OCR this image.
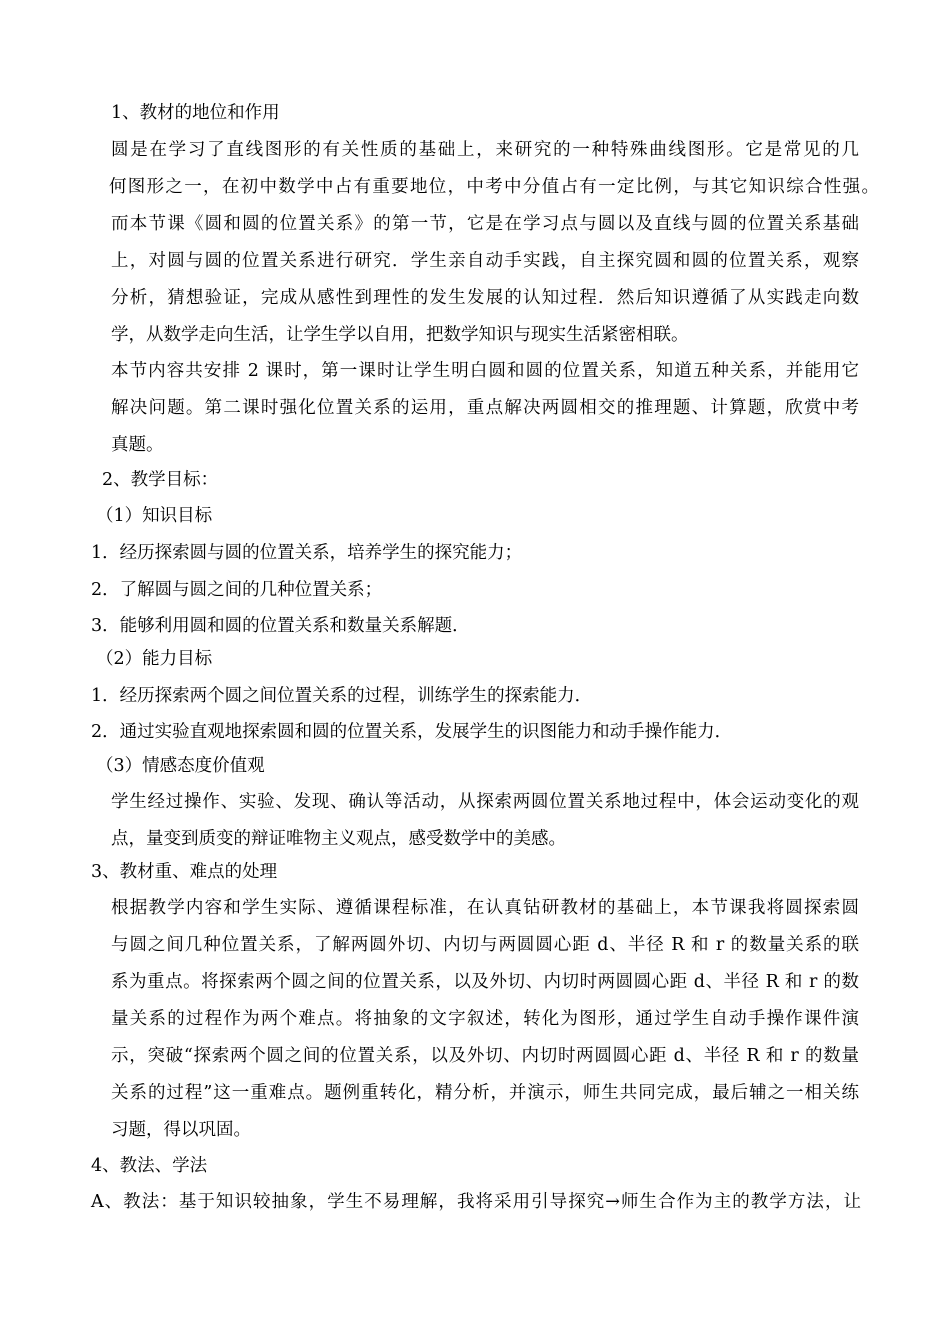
1、教材的地位和作用
圆是在学习了直线图形的有关性质的基础上，来研究的一种特殊曲线图形。它是常见的几
何图形之一，在初中数学中占有重要地位，中考中分值占有一定比例，与其它知识综合性强。
而本节课《圆和圆的位置关系》的第一节，它是在学习点与圆以及直线与圆的位置关系基础
上，对圆与圆的位置关系进行研究．学生亲自动手实践，自主探究圆和圆的位置关系，观察
分析，猜想验证，完成从感性到理性的发生发展的认知过程．然后知识遵循了从实践走向数
学，从数学走向生活，让学生学以自用，把数学知识与现实生活紧密相联。
本节内容共安排 2 课时，第一课时让学生明白圆和圆的位置关系，知道五种关系，并能用它
解决问题。第二课时强化位置关系的运用，重点解决两圆相交的推理题、计算题，欣赏中考
真题。
2、教学目标：
（1）知识目标
1．经历探索圆与圆的位置关系，培养学生的探究能力；
2．了解圆与圆之间的几种位置关系；
3．能够利用圆和圆的位置关系和数量关系解题．
（2）能力目标
1．经历探索两个圆之间位置关系的过程，训练学生的探索能力．
2．通过实验直观地探索圆和圆的位置关系，发展学生的识图能力和动手操作能力．
（3）情感态度价值观
学生经过操作、实验、发现、确认等活动，从探索两圆位置关系地过程中，体会运动变化的观
点，量变到质变的辩证唯物主义观点，感受数学中的美感。
3、教材重、难点的处理
根据教学内容和学生实际、遵循课程标准，在认真钻研教材的基础上，本节课我将圆探索圆
与圆之间几种位置关系，了解两圆外切、内切与两圆圆心距 d、半径 R 和 r 的数量关系的联
系为重点。将探索两个圆之间的位置关系，以及外切、内切时两圆圆心距 d、半径 R 和 r 的数
量关系的过程作为两个难点。将抽象的文字叙述，转化为图形，通过学生自动手操作课件演
示，突破“探索两个圆之间的位置关系，以及外切、内切时两圆圆心距 d、半径 R 和 r 的数量
关系的过程”这一重难点。题例重转化，精分析，并演示，师生共同完成，最后辅之一相关练
习题，得以巩固。
4、教法、学法
A、教法：基于知识较抽象，学生不易理解，我将采用引导探究→师生合作为主的教学方法，让
